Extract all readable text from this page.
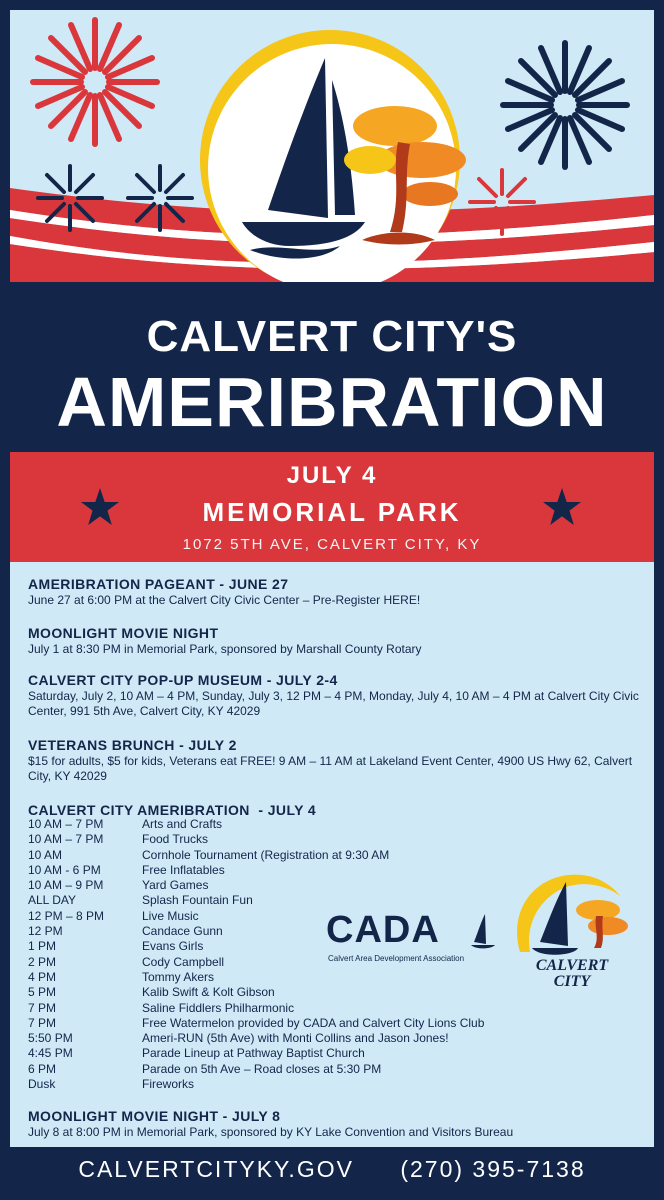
CALVERT CITY'S
AMERIBRATION
JULY 4
MEMORIAL PARK
1072 5TH AVE, CALVERT CITY, KY
AMERIBRATION PAGEANT - JUNE 27

June 27 at 6:00 PM at the Calvert City Civic Center – Pre-Register HERE!

MOONLIGHT MOVIE NIGHT

July 1 at 8:30 PM in Memorial Park, sponsored by Marshall County Rotary

CALVERT CITY POP-UP MUSEUM - JULY 2-4

Saturday, July 2, 10 AM – 4 PM, Sunday, July 3, 12 PM – 4 PM, Monday, July 4, 10 AM – 4 PM at Calvert City Civic Center, 991 5th Ave, Calvert City, KY 42029

VETERANS BRUNCH - JULY 2

$15 for adults, $5 for kids, Veterans eat FREE! 9 AM – 11 AM at Lakeland Event Center, 4900 US Hwy 62, Calvert City, KY 42029

CALVERT CITY AMERIBRATION  - JULY 4
10 AM – 7 PM	Arts and Crafts
10 AM – 7 PM	Food Trucks
10 AM	Cornhole Tournament (Registration at 9:30 AM
10 AM - 6 PM	Free Inflatables
10 AM – 9 PM	Yard Games
ALL DAY	Splash Fountain Fun
12 PM – 8 PM	Live Music
12 PM	Candace Gunn
1 PM	Evans Girls
2 PM	Cody Campbell
4 PM	Tommy Akers
5 PM	Kalib Swift & Kolt Gibson
7 PM	Saline Fiddlers Philharmonic
7 PM	Free Watermelon provided by CADA and Calvert City Lions Club
5:50 PM	Ameri-RUN (5th Ave) with Monti Collins and Jason Jones!
4:45 PM	Parade Lineup at Pathway Baptist Church
6 PM	Parade on 5th Ave – Road closes at 5:30 PM
Dusk	Fireworks
CADA
Calvert Area Development Association	CALVERT
CITY
MOONLIGHT MOVIE NIGHT - JULY 8

July 8 at 8:00 PM in Memorial Park, sponsored by KY Lake Convention and Visitors Bureau

CALVERTCITYKY.GOV (270) 395-7138
